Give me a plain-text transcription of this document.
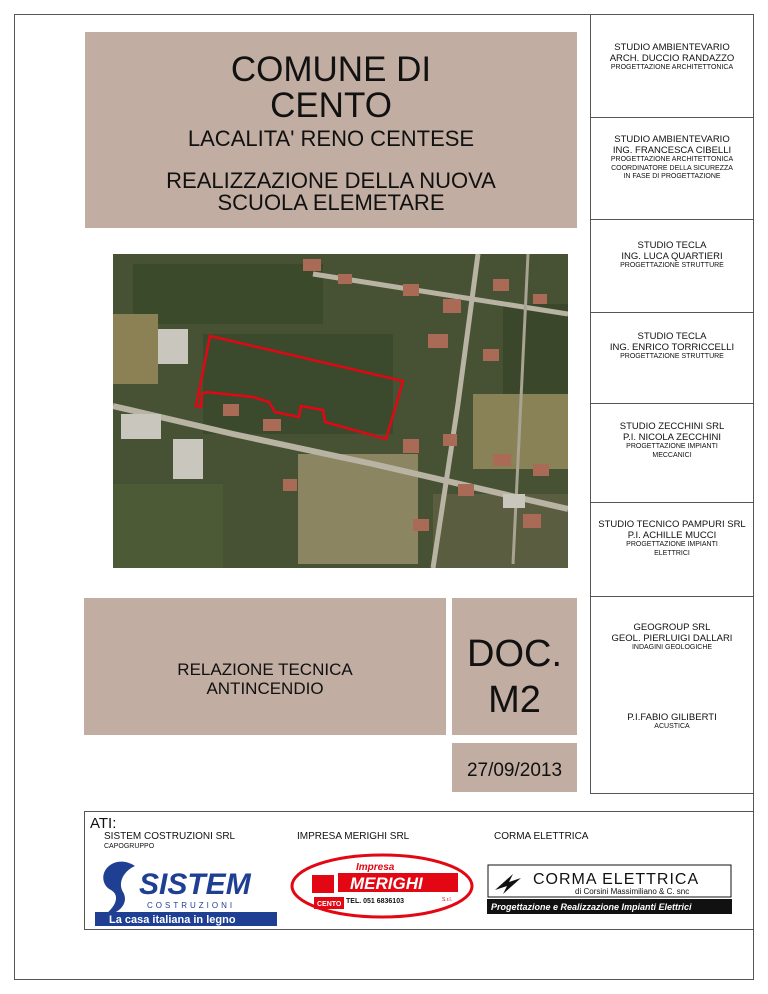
COMUNE DI
CENTO
LACALITA' RENO CENTESE
REALIZZAZIONE DELLA NUOVA
SCUOLA ELEMETARE
RELAZIONE TECNICA
ANTINCENDIO
DOC.
M2
27/09/2013
STUDIO AMBIENTEVARIO
ARCH. DUCCIO RANDAZZO
PROGETTAZIONE ARCHITETTONICA
STUDIO AMBIENTEVARIO
ING. FRANCESCA CIBELLI
PROGETTAZIONE ARCHITETTONICA
COORDINATORE DELLA SICUREZZA
IN FASE DI PROGETTAZIONE
STUDIO TECLA
ING. LUCA QUARTIERI
PROGETTAZIONE STRUTTURE
STUDIO TECLA
ING. ENRICO TORRICCELLI
PROGETTAZIONE STRUTTURE
STUDIO ZECCHINI SRL
P.I. NICOLA ZECCHINI
PROGETTAZIONE IMPIANTI
MECCANICI
STUDIO TECNICO PAMPURI SRL
P.I. ACHILLE MUCCI
PROGETTAZIONE IMPIANTI
ELETTRICI
GEOGROUP SRL
GEOL. PIERLUIGI DALLARI
INDAGINI GEOLOGICHE
P.I.FABIO GILIBERTI
ACUSTICA
ATI:
SISTEM COSTRUZIONI SRL
CAPOGRUPPO
IMPRESA MERIGHI SRL	CORMA ELETTRICA
SISTEM
COSTRUZIONI
La casa italiana in legno
Impresa
MERIGHI
S.r.l.
TEL. 051 6836103
CENTO
CORMA ELETTRICA
di Corsini Massimiliano & C. snc
Progettazione e Realizzazione Impianti Elettrici
